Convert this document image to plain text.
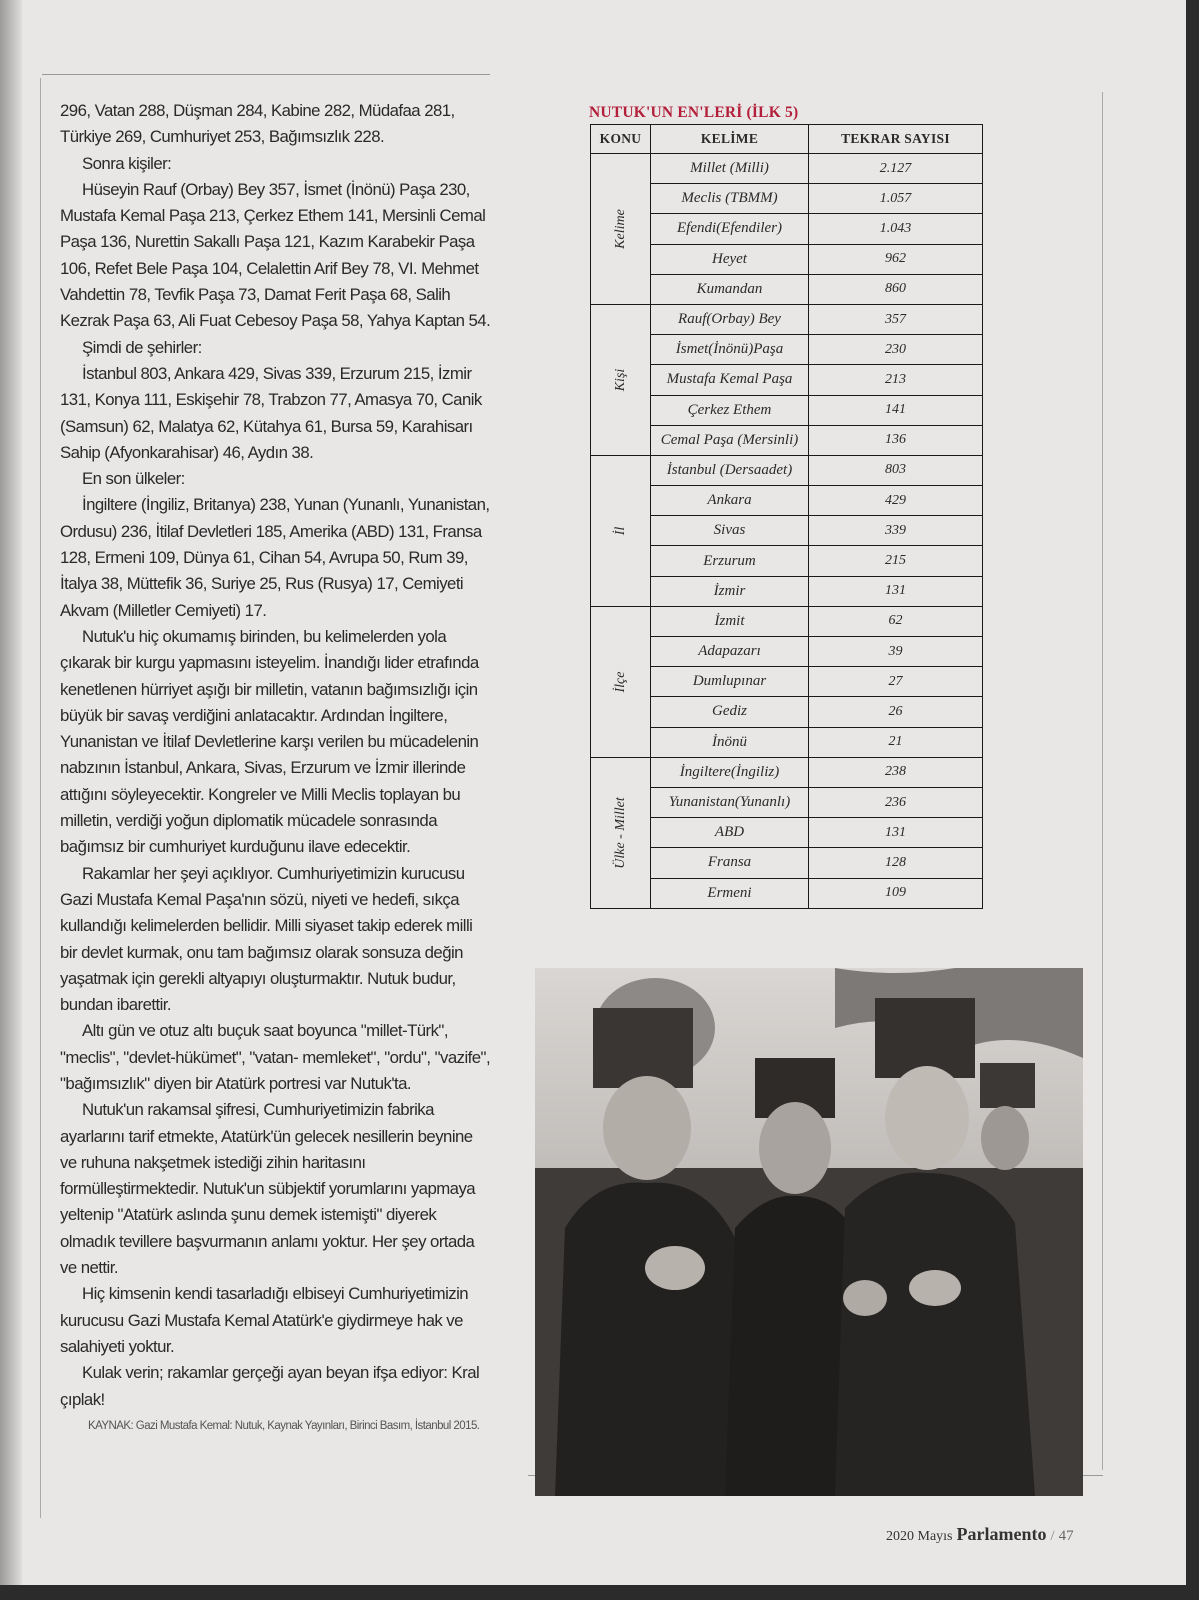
296, Vatan 288, Düşman 284, Kabine 282, Müdafaa 281, Türkiye 269, Cumhuriyet 253, Bağımsızlık 228.

Sonra kişiler:

Hüseyin Rauf (Orbay) Bey 357, İsmet (İnönü) Paşa 230, Mustafa Kemal Paşa 213, Çerkez Ethem 141, Mersinli Cemal Paşa 136, Nurettin Sakallı Paşa 121, Kazım Karabekir Paşa 106, Refet Bele Paşa 104, Celalettin Arif Bey 78, VI. Mehmet Vahdettin 78, Tevfik Paşa 73, Damat Ferit Paşa 68, Salih Kezrak Paşa 63, Ali Fuat Cebesoy Paşa 58, Yahya Kaptan 54.

Şimdi de şehirler:

İstanbul 803, Ankara 429, Sivas 339, Erzurum 215, İzmir 131, Konya 111, Eskişehir 78, Trabzon 77, Amasya 70, Canik (Samsun) 62, Malatya 62, Kütahya 61, Bursa 59, Karahisarı Sahip (Afyonkarahisar) 46, Aydın 38.

En son ülkeler:

İngiltere (İngiliz, Britanya) 238, Yunan (Yunanlı, Yunanistan, Ordusu) 236, İtilaf Devletleri 185, Amerika (ABD) 131, Fransa 128, Ermeni 109, Dünya 61, Cihan 54, Avrupa 50, Rum 39, İtalya 38, Müttefik 36, Suriye 25, Rus (Rusya) 17, Cemiyeti Akvam (Milletler Cemiyeti) 17.

Nutuk'u hiç okumamış birinden, bu kelimelerden yola çıkarak bir kurgu yapmasını isteyelim. İnandığı lider etrafında kenetlenen hürriyet aşığı bir milletin, vatanın bağımsızlığı için büyük bir savaş verdiğini anlatacaktır. Ardından İngiltere, Yunanistan ve İtilaf Devletlerine karşı verilen bu mücadelenin nabzının İstanbul, Ankara, Sivas, Erzurum ve İzmir illerinde attığını söyleyecektir. Kongreler ve Milli Meclis toplayan bu milletin, verdiği yoğun diplomatik mücadele sonrasında bağımsız bir cumhuriyet kurduğunu ilave edecektir.

Rakamlar her şeyi açıklıyor. Cumhuriyetimizin kurucusu Gazi Mustafa Kemal Paşa'nın sözü, niyeti ve hedefi, sıkça kullandığı kelimelerden bellidir. Milli siyaset takip ederek milli bir devlet kurmak, onu tam bağımsız olarak sonsuza değin yaşatmak için gerekli altyapıyı oluşturmaktır. Nutuk budur, bundan ibarettir.

Altı gün ve otuz altı buçuk saat boyunca "millet-Türk", "meclis", "devlet-hükümet", "vatan- memleket", "ordu", "vazife", "bağımsızlık" diyen bir Atatürk portresi var Nutuk'ta.

Nutuk'un rakamsal şifresi, Cumhuriyetimizin fabrika ayarlarını tarif etmekte, Atatürk'ün gelecek nesillerin beynine ve ruhuna nakşetmek istediği zihin haritasını formülleştirmektedir. Nutuk'un sübjektif yorumlarını yapmaya yeltenip "Atatürk aslında şunu demek istemişti" diyerek olmadık tevillere başvurmanın anlamı yoktur. Her şey ortada ve nettir.

Hiç kimsenin kendi tasarladığı elbiseyi Cumhuriyetimizin kurucusu Gazi Mustafa Kemal Atatürk'e giydirmeye hak ve salahiyeti yoktur.

Kulak verin; rakamlar gerçeği ayan beyan ifşa ediyor: Kral çıplak!

KAYNAK: Gazi Mustafa Kemal: Nutuk, Kaynak Yayınları, Birinci Basım, İstanbul 2015.

NUTUK'UN EN'LERİ (İLK 5)
KONU	KELİME	TEKRAR SAYISI

Kelime	Millet (Milli)	2.127
	Meclis (TBMM)	1.057
	Efendi(Efendiler)	1.043
	Heyet	962
	Kumandan	860

Kişi	Rauf(Orbay) Bey	357
	İsmet(İnönü)Paşa	230
	Mustafa Kemal Paşa	213
	Çerkez Ethem	141
	Cemal Paşa (Mersinli)	136

İl	İstanbul (Dersaadet)	803
	Ankara	429
	Sivas	339
	Erzurum	215
	İzmir	131

İlçe	İzmit	62
	Adapazarı	39
	Dumlupınar	27
	Gediz	26
	İnönü	21

Ülke - Millet	İngiltere(İngiliz)	238
	Yunanistan(Yunanlı)	236
	ABD	131
	Fransa	128
	Ermeni	109
2020 Mayıs Parlamento / 47
